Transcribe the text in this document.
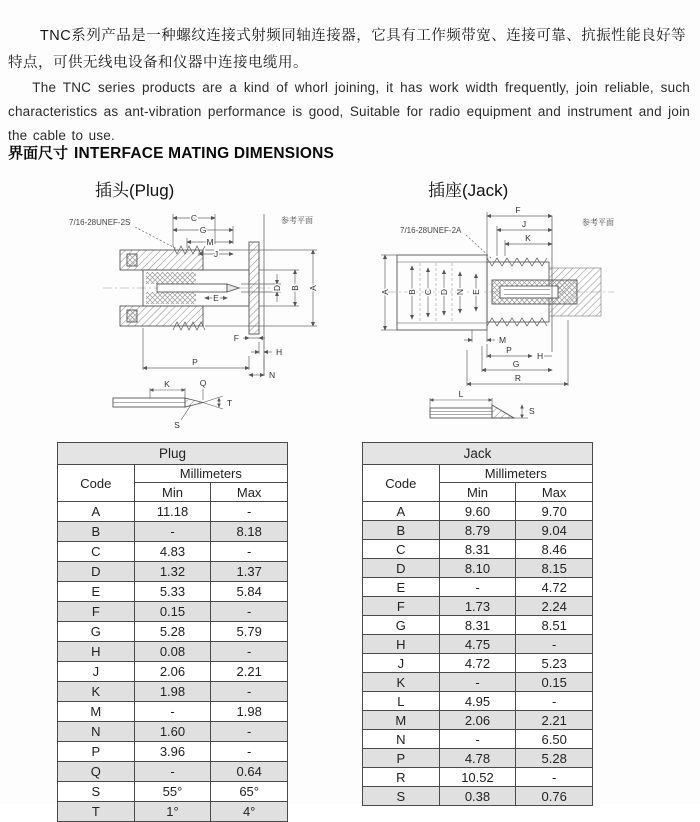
TNC系列产品是一种螺纹连接式射频同轴连接器，它具有工作频带宽、连接可靠、抗振性能良好等特点，可供无线电设备和仪器中连接电缆用。

The TNC series products are a kind of whorl joining, it has work width frequently, join reliable, such characteristics as ant-vibration performance is good, Suitable for radio equipment and instrument and join the cable to use.

界面尺寸 INTERFACE MATING DIMENSIONS
插头(Plug)	插座(Jack)
7/16-28UNEF-2S	参考平面
C
G
M
J
D B A
E
F
H
P
N
K	Q
T
S
7/16-28UNEF-2A
参考平面
F
J
K
A B C D N E
M
P
H
G
R
L
S
Plug		
Code	Millimeters	
	Min	Max
A	11.18	-
B	-	8.18
C	4.83	-
D	1.32	1.37
E	5.33	5.84
F	0.15	-
G	5.28	5.79
H	0.08	-
J	2.06	2.21
K	1.98	-
M	-	1.98
N	1.60	-
P	3.96	-
Q	-	0.64
S	55°	65°
T	1°	4°
Jack		
Code	Millimeters	
	Min	Max
A	9.60	9.70
B	8.79	9.04
C	8.31	8.46
D	8.10	8.15
E	-	4.72
F	1.73	2.24
G	8.31	8.51
H	4.75	-
J	4.72	5.23
K	-	0.15
L	4.95	-
M	2.06	2.21
N	-	6.50
P	4.78	5.28
R	10.52	-
S	0.38	0.76
